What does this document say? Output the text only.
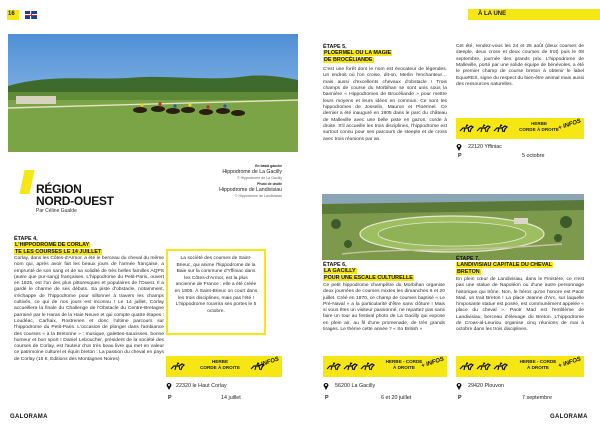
16	À LA UNE
RÉGION
NORD-OUEST
Par Céline Gualde
En bas/à gauche
Hippodrome de La Gacilly
© Hippodrome de La Gacilly
Photo de droite
Hippodrome de Landivisiau
© Hippodrome de Landivisiau
ÉTAPE 4,
L'HIPPODROME DE CORLAY
TE LES COURSES LE 14 JUILLET
Corlay, dans les Côtes-d'Armor, a été le berceau du cheval du même nom qui, après avoir fait les beaux jours de l'armée française, a emprunté de son sang et de sa solidité de très belles familles AQPS (autre que pur-sang) françaises. L'hippodrome du Petit-Paris, ouvert en 1825, est l'un des plus pittoresques et populaires de l'Ouest. Il a gardé le charme de ses débuts. Sa piste d'obstacle, notamment, s'échappe de l'hippodrome pour sillonner à travers les champs cultivés, ce qui de nos jours est inconnu ! Le 14 juillet, Corlay accueillera la finale du Challenge de l'Obstacle du Centre-Bretagne parrainé par le Haras de la Haie Neuve et qui compte quatre étapes : Loudéac, Carhaix, Rostrenen et donc l'ultime parcours sur l'hippodrome du Petit-Paris. L'occasion de plonger dans l'ambiance des courses « à la Bretonne » : musique, galettes-saucisses, bonne humeur et bon sport ! Daniel Leboucher, président de la société des courses de Corlay, est l'auteur d'un très beau livre qui met en valeur ce patrimoine culturel et équin breton : La passion du cheval en pays de Corlay (15 €, Editions des Montagnes Noires)
La société des courses de Saint-Brieuc, qui anime l'hippodrome de la Baie sur la commune d'Yffiniac dans les Côtes-d'Armor, est la plus ancienne de France : elle a été créée en 1805. À Saint-Brieuc on court dans les trois disciplines, mais pas l'été ! L'hippodrome rouvrira ses portes le 5 octobre.
HERBE
CORDE À DROITE	+ INFOS
22320 le Haut Corlay
P	14 juillet
ÉTAPE 5,
PLOERMEL OU LA MAGIE
DE BROCÉLIANDE
C'est une forêt dont le nom est évocateur de légendes. Un endroit où l'on croise, dit-on, Merlin l'enchanteur… mais aussi d'excellents chevaux d'obstacle ! Trois champs de course du Morbihan se sont unis sous la bannière « Hippodromes de Brocéliande » pour mettre leurs moyens et leurs idées en commun. Ce sont les hippodromes de Josselin, Mauron et Ploërmel. Ce dernier a été inauguré en 1905 dans le parc du château de Malleville avec une belle piste en gazon, corde à droite. S'il accueille les trois disciplines, l'hippodrome est surtout connu pour ses parcours de steeple et de cross avec trois réunions par an.
Cet été, rendez-vous les 24 et 25 août (deux courses de steeple, deux cross et deux courses de trot) puis le 08 septembre, journée des grands prix. L'hippodrome de Malleville, porté par une solide équipe de bénévoles, a été le premier champ de course breton à obtenir le label EquuRES, signe du respect du bien-être animal mais aussi des ressources naturelles.
HERBE
CORDE À DROITE + INFOS
22120 Yffiniac
P	5 octobre
ÉTAPE 6,
LA GACILLY
POUR UNE ESCALE CULTURELLE
Ce petit hippodrome champêtre du Morbihan organise deux journées de courses mixtes les dimanches 6 et 20 juillet. Créé en 1870, ce champ de courses baptisé « Le Pré-Naval » a la particularité d'être sans clôture ! Mais si vous êtes un visiteur passionné, ne repartez pas sans faire un tour au festival photo de La Gacilly qui expose en plein air, au fil d'une promenade, de très grands tirages. Le thème cette année ? « So British »
ÉTAPE 7,
LANDIVISIAU CAPITALE DU CHEVAL
BRETON
En plein cœur de Landivisiau, dans le Finistère, ce n'est pas une statue de Napoléon ou d'une autre personnage historique qui trône. Non, le héros qu'on honore est Paotr Mad, un trait Breton ! La place Jeanne d'Arc, sur laquelle l'imposante statue est posée, est communément appelée « place du cheval ». Paotr Mad est l'emblème de Landivisiau, berceau d'élevage du Breton. L'hippodrome de Croas-al-Leuriou organise cinq réunions de mai à octobre dans les trois disciplines.
HERBE - CORDE
À DROITE	+ INFOS
56200 La Gacilly
P	6 et 20 juillet
HERBE - CORDE
À DROITE	+ INFOS
29420 Plouvon
P	7 septembre
GALORAMA	GALORAMA
